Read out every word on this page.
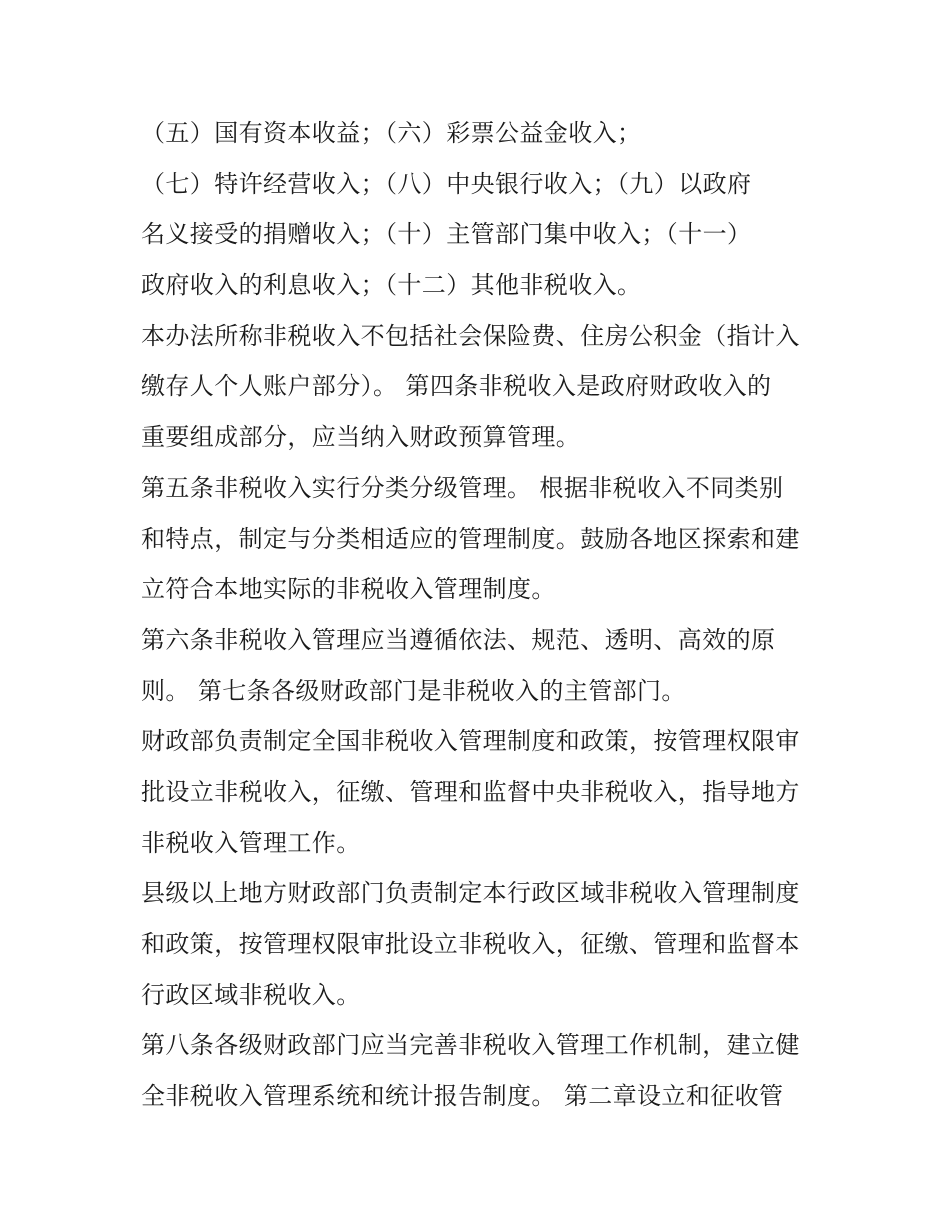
（五）国有资本收益；（六）彩票公益金收入；
（七）特许经营收入；（八）中央银行收入；（九）以政府
名义接受的捐赠收入；（十）主管部门集中收入；（十一）
政府收入的利息收入；（十二）其他非税收入。
本办法所称非税收入不包括社会保险费、住房公积金（指计入
缴存人个人账户部分）。 第四条非税收入是政府财政收入的
重要组成部分，应当纳入财政预算管理。
第五条非税收入实行分类分级管理。 根据非税收入不同类别
和特点，制定与分类相适应的管理制度。鼓励各地区探索和建
立符合本地实际的非税收入管理制度。
第六条非税收入管理应当遵循依法、规范、透明、高效的原
则。 第七条各级财政部门是非税收入的主管部门。
财政部负责制定全国非税收入管理制度和政策，按管理权限审
批设立非税收入，征缴、管理和监督中央非税收入，指导地方
非税收入管理工作。
县级以上地方财政部门负责制定本行政区域非税收入管理制度
和政策，按管理权限审批设立非税收入，征缴、管理和监督本
行政区域非税收入。
第八条各级财政部门应当完善非税收入管理工作机制，建立健
全非税收入管理系统和统计报告制度。 第二章设立和征收管
